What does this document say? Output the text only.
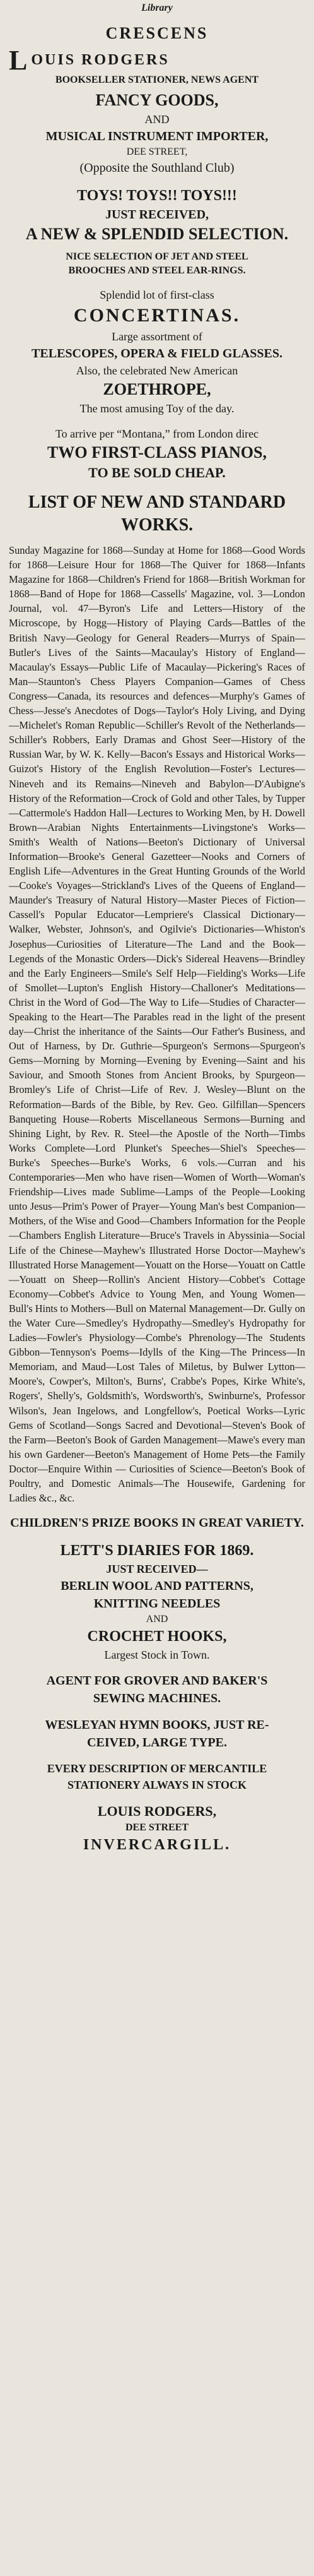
Library
CRESCENS
L OUIS RODGERS
BOOKSELLER STATIONER, NEWS AGENT
FANCY GOODS,
AND
MUSICAL INSTRUMENT IMPORTER,
DEE STREET,
(Opposite the Southland Club)
TOYS! TOYS!! TOYS!!!
JUST RECEIVED,
A NEW & SPLENDID SELECTION.
NICE SELECTION OF JET AND STEEL
BROOCHES AND STEEL EAR-RINGS.
Splendid lot of first-class
CONCERTINAS.
Large assortment of
TELESCOPES, OPERA & FIELD GLASSES.
Also, the celebrated New American
ZOETHROPE,
The most amusing Toy of the day.
To arrive per “Montana,” from London direc
TWO FIRST-CLASS PIANOS,
TO BE SOLD CHEAP.
LIST OF NEW AND STANDARD
WORKS.
Sunday Magazine for 1868—Sunday at Home for 1868—Good Words for 1868—Leisure Hour for 1868—The Quiver for 1868—Infants Magazine for 1868—Children's Friend for 1868—British Workman for 1868—Band of Hope for 1868—Cassells' Magazine, vol. 3—London Journal, vol. 47—Byron's Life and Letters—History of the Microscope, by Hogg—History of Playing Cards—Battles of the British Navy—Geology for General Readers—Murrys of Spain—Butler's Lives of the Saints—Macaulay's History of England—Macaulay's Essays—Public Life of Macaulay—Pickering's Races of Man—Staunton's Chess Players Companion—Games of Chess Congress—Canada, its resources and defences—Murphy's Games of Chess—Jesse's Anecdotes of Dogs—Taylor's Holy Living, and Dying—Michelet's Roman Republic—Schiller's Revolt of the Netherlands—Schiller's Robbers, Early Dramas and Ghost Seer—History of the Russian War, by W. K. Kelly—Bacon's Essays and Historical Works—Guizot's History of the English Revolution—Foster's Lectures—Nineveh and its Remains—Nineveh and Babylon—D'Aubigne's History of the Reformation—Crock of Gold and other Tales, by Tupper—Cattermole's Haddon Hall—Lectures to Working Men, by H. Dowell Brown—Arabian Nights Entertainments—Livingstone's Works—Smith's Wealth of Nations—Beeton's Dictionary of Universal Information—Brooke's General Gazetteer—Nooks and Corners of English Life—Adventures in the Great Hunting Grounds of the World—Cooke's Voyages—Strickland's Lives of the Queens of England—Maunder's Treasury of Natural History—Master Pieces of Fiction—Cassell's Popular Educator—Lempriere's Classical Dictionary—Walker, Webster, Johnson's, and Ogilvie's Dictionaries—Whiston's Josephus—Curiosities of Literature—The Land and the Book—Legends of the Monastic Orders—Dick's Sidereal Heavens—Brindley and the Early Engineers—Smile's Self Help—Fielding's Works—Life of Smollet—Lupton's English History—Challoner's Meditations—Christ in the Word of God—The Way to Life—Studies of Character—Speaking to the Heart—The Parables read in the light of the present day—Christ the inheritance of the Saints—Our Father's Business, and Out of Harness, by Dr. Guthrie—Spurgeon's Sermons—Spurgeon's Gems—Morning by Morning—Evening by Evening—Saint and his Saviour, and Smooth Stones from Ancient Brooks, by Spurgeon—Bromley's Life of Christ—Life of Rev. J. Wesley—Blunt on the Reformation—Bards of the Bible, by Rev. Geo. Gilfillan—Spencers Banqueting House—Roberts Miscellaneous Sermons—Burning and Shining Light, by Rev. R. Steel—the Apostle of the North—Timbs Works Complete—Lord Plunket's Speeches—Shiel's Speeches—Burke's Speeches—Burke's Works, 6 vols.—Curran and his Contemporaries—Men who have risen—Women of Worth—Woman's Friendship—Lives made Sublime—Lamps of the People—Looking unto Jesus—Prim's Power of Prayer—Young Man's best Companion—Mothers, of the Wise and Good—Chambers Information for the People—Chambers English Literature—Bruce's Travels in Abyssinia—Social Life of the Chinese—Mayhew's Illustrated Horse Doctor—Mayhew's Illustrated Horse Management—Youatt on the Horse—Youatt on Cattle—Youatt on Sheep—Rollin's Ancient History—Cobbet's Cottage Economy—Cobbet's Advice to Young Men, and Young Women—Bull's Hints to Mothers—Bull on Maternal Management—Dr. Gully on the Water Cure—Smedley's Hydropathy—Smedley's Hydropathy for Ladies—Fowler's Physiology—Combe's Phrenology—The Students Gibbon—Tennyson's Poems—Idylls of the King—The Princess—In Memoriam, and Maud—Lost Tales of Miletus, by Bulwer Lytton—Moore's, Cowper's, Milton's, Burns', Crabbe's Popes, Kirke White's, Rogers', Shelly's, Goldsmith's, Wordsworth's, Swinburne's, Professor Wilson's, Jean Ingelows, and Longfellow's, Poetical Works—Lyric Gems of Scotland—Songs Sacred and Devotional—Steven's Book of the Farm—Beeton's Book of Garden Management—Mawe's every man his own Gardener—Beeton's Management of Home Pets—the Family Doctor—Enquire Within — Curiosities of Science—Beeton's Book of Poultry, and Domestic Animals—The Housewife, Gardening for Ladies &c., &c.
CHILDREN'S PRIZE BOOKS IN GREAT VARIETY.
LETT'S DIARIES FOR 1869.
JUST RECEIVED—
BERLIN WOOL AND PATTERNS,
KNITTING NEEDLES
AND
CROCHET HOOKS,
Largest Stock in Town.
AGENT FOR GROVER AND BAKER'S
SEWING MACHINES.
WESLEYAN HYMN BOOKS, JUST RE-
CEIVED, LARGE TYPE.
EVERY DESCRIPTION OF MERCANTILE
STATIONERY ALWAYS IN STOCK
LOUIS RODGERS,
DEE STREET
INVERCARGILL.
